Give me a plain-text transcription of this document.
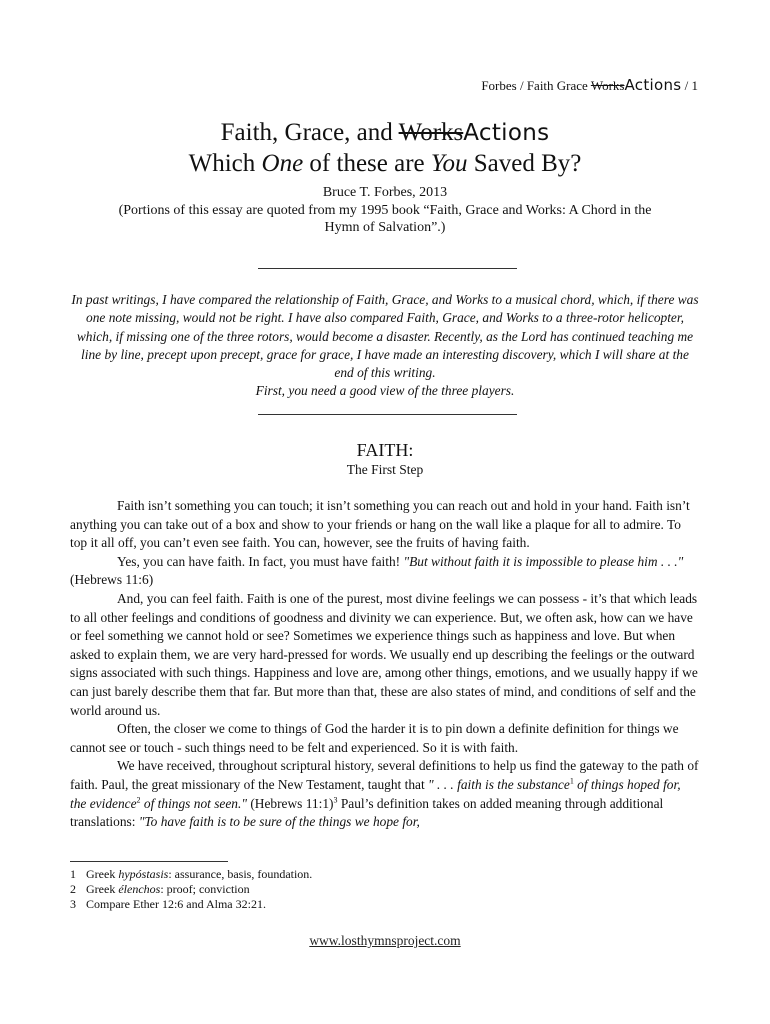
Forbes / Faith Grace WorksActions / 1
Faith, Grace, and WorksActions
Which One of these are You Saved By?
Bruce T. Forbes, 2013
(Portions of this essay are quoted from my 1995 book “Faith, Grace and Works: A Chord in the Hymn of Salvation”.)
In past writings, I have compared the relationship of Faith, Grace, and Works to a musical chord, which, if there was one note missing, would not be right. I have also compared Faith, Grace, and Works to a three-rotor helicopter, which, if missing one of the three rotors, would become a disaster. Recently, as the Lord has continued teaching me line by line, precept upon precept, grace for grace, I have made an interesting discovery, which I will share at the end of this writing.
First, you need a good view of the three players.
FAITH:
The First Step

Faith isn’t something you can touch; it isn’t something you can reach out and hold in your hand. Faith isn’t anything you can take out of a box and show to your friends or hang on the wall like a plaque for all to admire. To top it all off, you can’t even see faith. You can, however, see the fruits of having faith.

Yes, you can have faith. In fact, you must have faith! "But without faith it is impossible to please him . . ." (Hebrews 11:6)

And, you can feel faith. Faith is one of the purest, most divine feelings we can possess - it’s that which leads to all other feelings and conditions of goodness and divinity we can experience. But, we often ask, how can we have or feel something we cannot hold or see? Sometimes we experience things such as happiness and love. But when asked to explain them, we are very hard-pressed for words. We usually end up describing the feelings or the outward signs associated with such things. Happiness and love are, among other things, emotions, and we usually happy if we can just barely describe them that far. But more than that, these are also states of mind, and conditions of self and the world around us.

Often, the closer we come to things of God the harder it is to pin down a definite definition for things we cannot see or touch - such things need to be felt and experienced. So it is with faith.

We have received, throughout scriptural history, several definitions to help us find the gateway to the path of faith. Paul, the great missionary of the New Testament, taught that " . . . faith is the substance$^1$ of things hoped for, the evidence$^2$ of things not seen." (Hebrews 11:1)$^3$ Paul’s definition takes on added meaning through additional translations: "To have faith is to be sure of the things we hope for,

1 Greek hypóstasis: assurance, basis, foundation.
2 Greek élenchos: proof; conviction
3 Compare Ether 12:6 and Alma 32:21.
www.losthymnsproject.com
